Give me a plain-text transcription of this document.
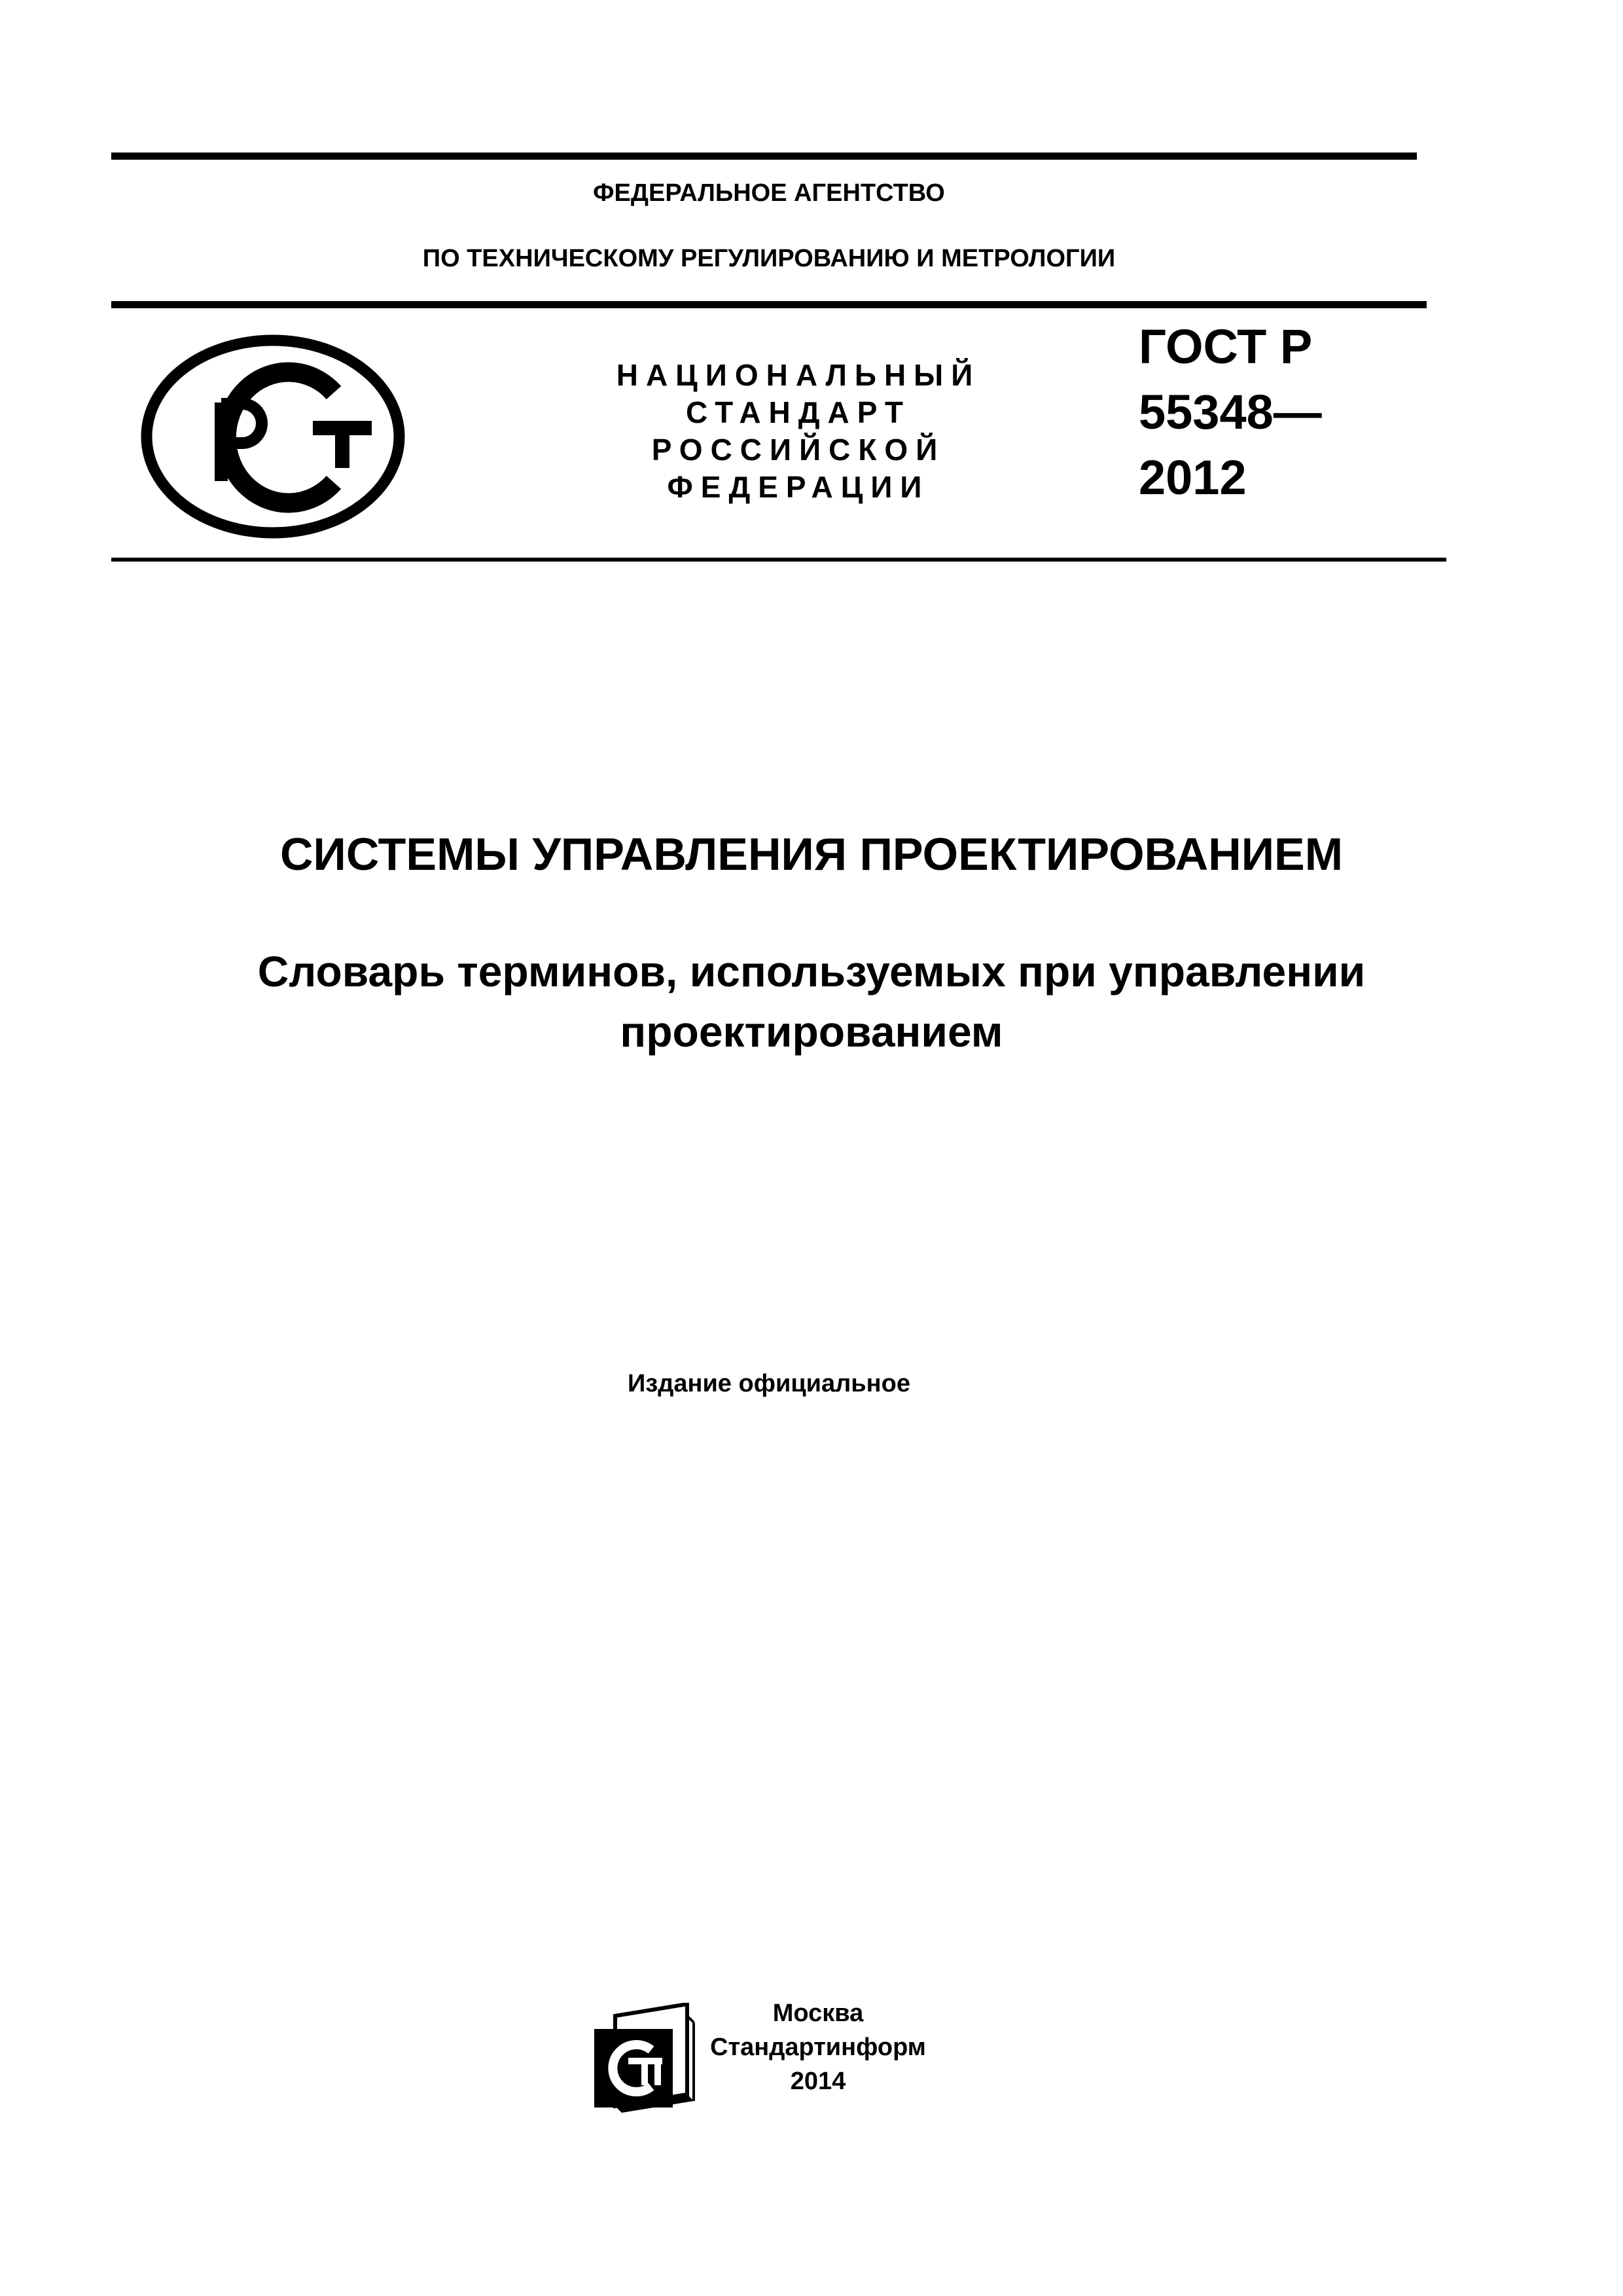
ФЕДЕРАЛЬНОЕ АГЕНТСТВО
ПО ТЕХНИЧЕСКОМУ РЕГУЛИРОВАНИЮ И МЕТРОЛОГИИ
НАЦИОНАЛЬНЫЙ
СТАНДАРТ
РОССИЙСКОЙ
ФЕДЕРАЦИИ
ГОСТ Р
55348—
2012
СИСТЕМЫ УПРАВЛЕНИЯ ПРОЕКТИРОВАНИЕМ
Словарь терминов, используемых при управлении
проектированием
Издание официальное
Москва
Стандартинформ
2014
